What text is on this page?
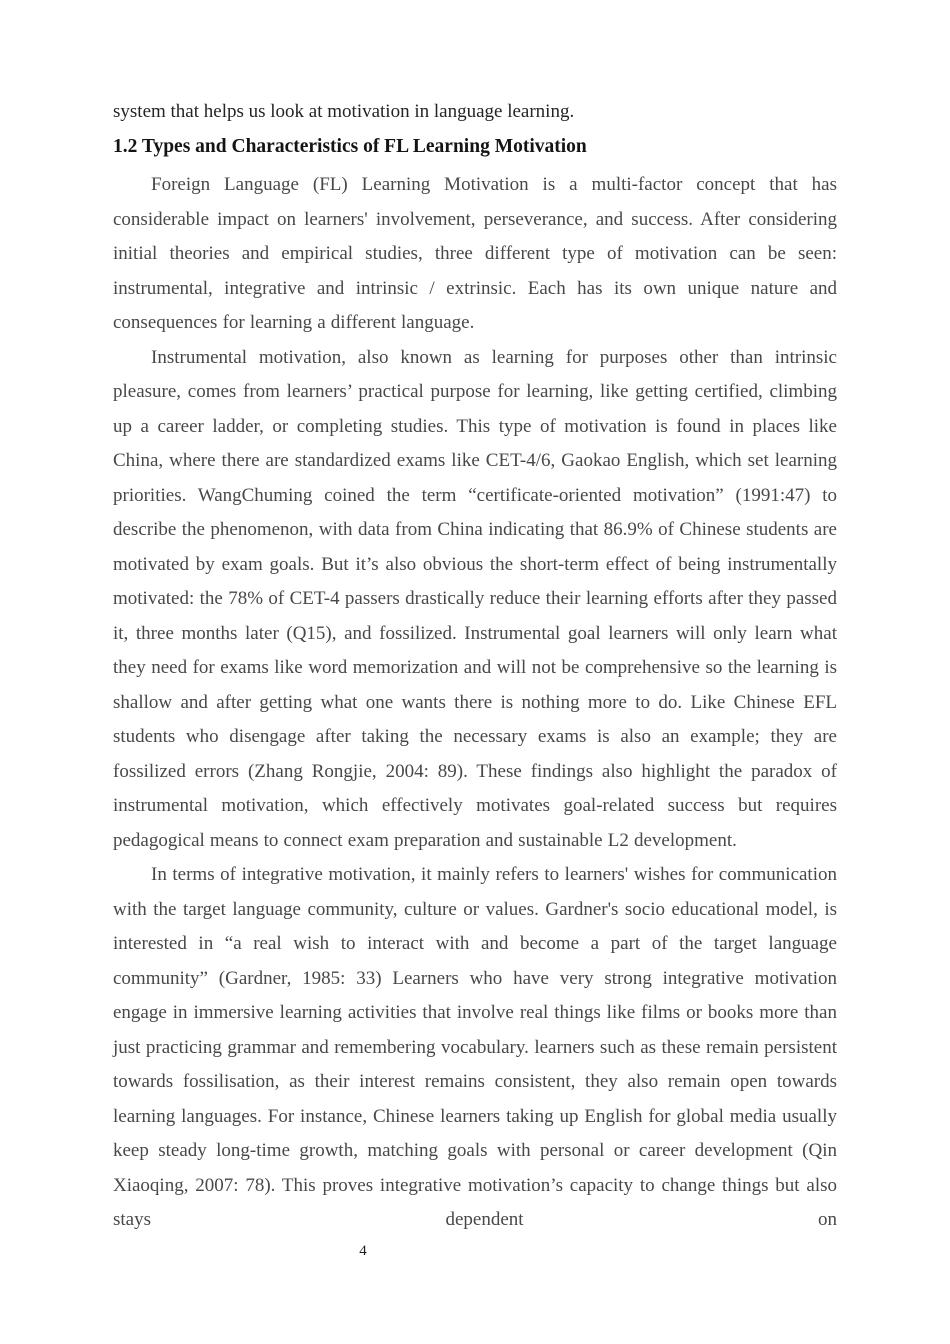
system that helps us look at motivation in language learning.

1.2 Types and Characteristics of FL Learning Motivation

Foreign Language (FL) Learning Motivation is a multi-factor concept that has considerable impact on learners' involvement, perseverance, and success. After considering initial theories and empirical studies, three different type of motivation can be seen: instrumental, integrative and intrinsic / extrinsic. Each has its own unique nature and consequences for learning a different language.

Instrumental motivation, also known as learning for purposes other than intrinsic pleasure, comes from learners’ practical purpose for learning, like getting certified, climbing up a career ladder, or completing studies. This type of motivation is found in places like China, where there are standardized exams like CET-4/6, Gaokao English, which set learning priorities. WangChuming coined the term “certificate-oriented motivation” (1991:47) to describe the phenomenon, with data from China indicating that 86.9% of Chinese students are motivated by exam goals. But it’s also obvious the short-term effect of being instrumentally motivated: the 78% of CET-4 passers drastically reduce their learning efforts after they passed it, three months later (Q15), and fossilized. Instrumental goal learners will only learn what they need for exams like word memorization and will not be comprehensive so the learning is shallow and after getting what one wants there is nothing more to do. Like Chinese EFL students who disengage after taking the necessary exams is also an example; they are fossilized errors (Zhang Rongjie, 2004: 89). These findings also highlight the paradox of instrumental motivation, which effectively motivates goal-related success but requires pedagogical means to connect exam preparation and sustainable L2 development.

In terms of integrative motivation, it mainly refers to learners' wishes for communication with the target language community, culture or values. Gardner's socio educational model, is interested in “a real wish to interact with and become a part of the target language community” (Gardner, 1985: 33) Learners who have very strong integrative motivation engage in immersive learning activities that involve real things like films or books more than just practicing grammar and remembering vocabulary. learners such as these remain persistent towards fossilisation, as their interest remains consistent, they also remain open towards learning languages. For instance, Chinese learners taking up English for global media usually keep steady long-time growth, matching goals with personal or career development (Qin Xiaoqing, 2007: 78). This proves integrative motivation’s capacity to change things but also stays dependent on

4
